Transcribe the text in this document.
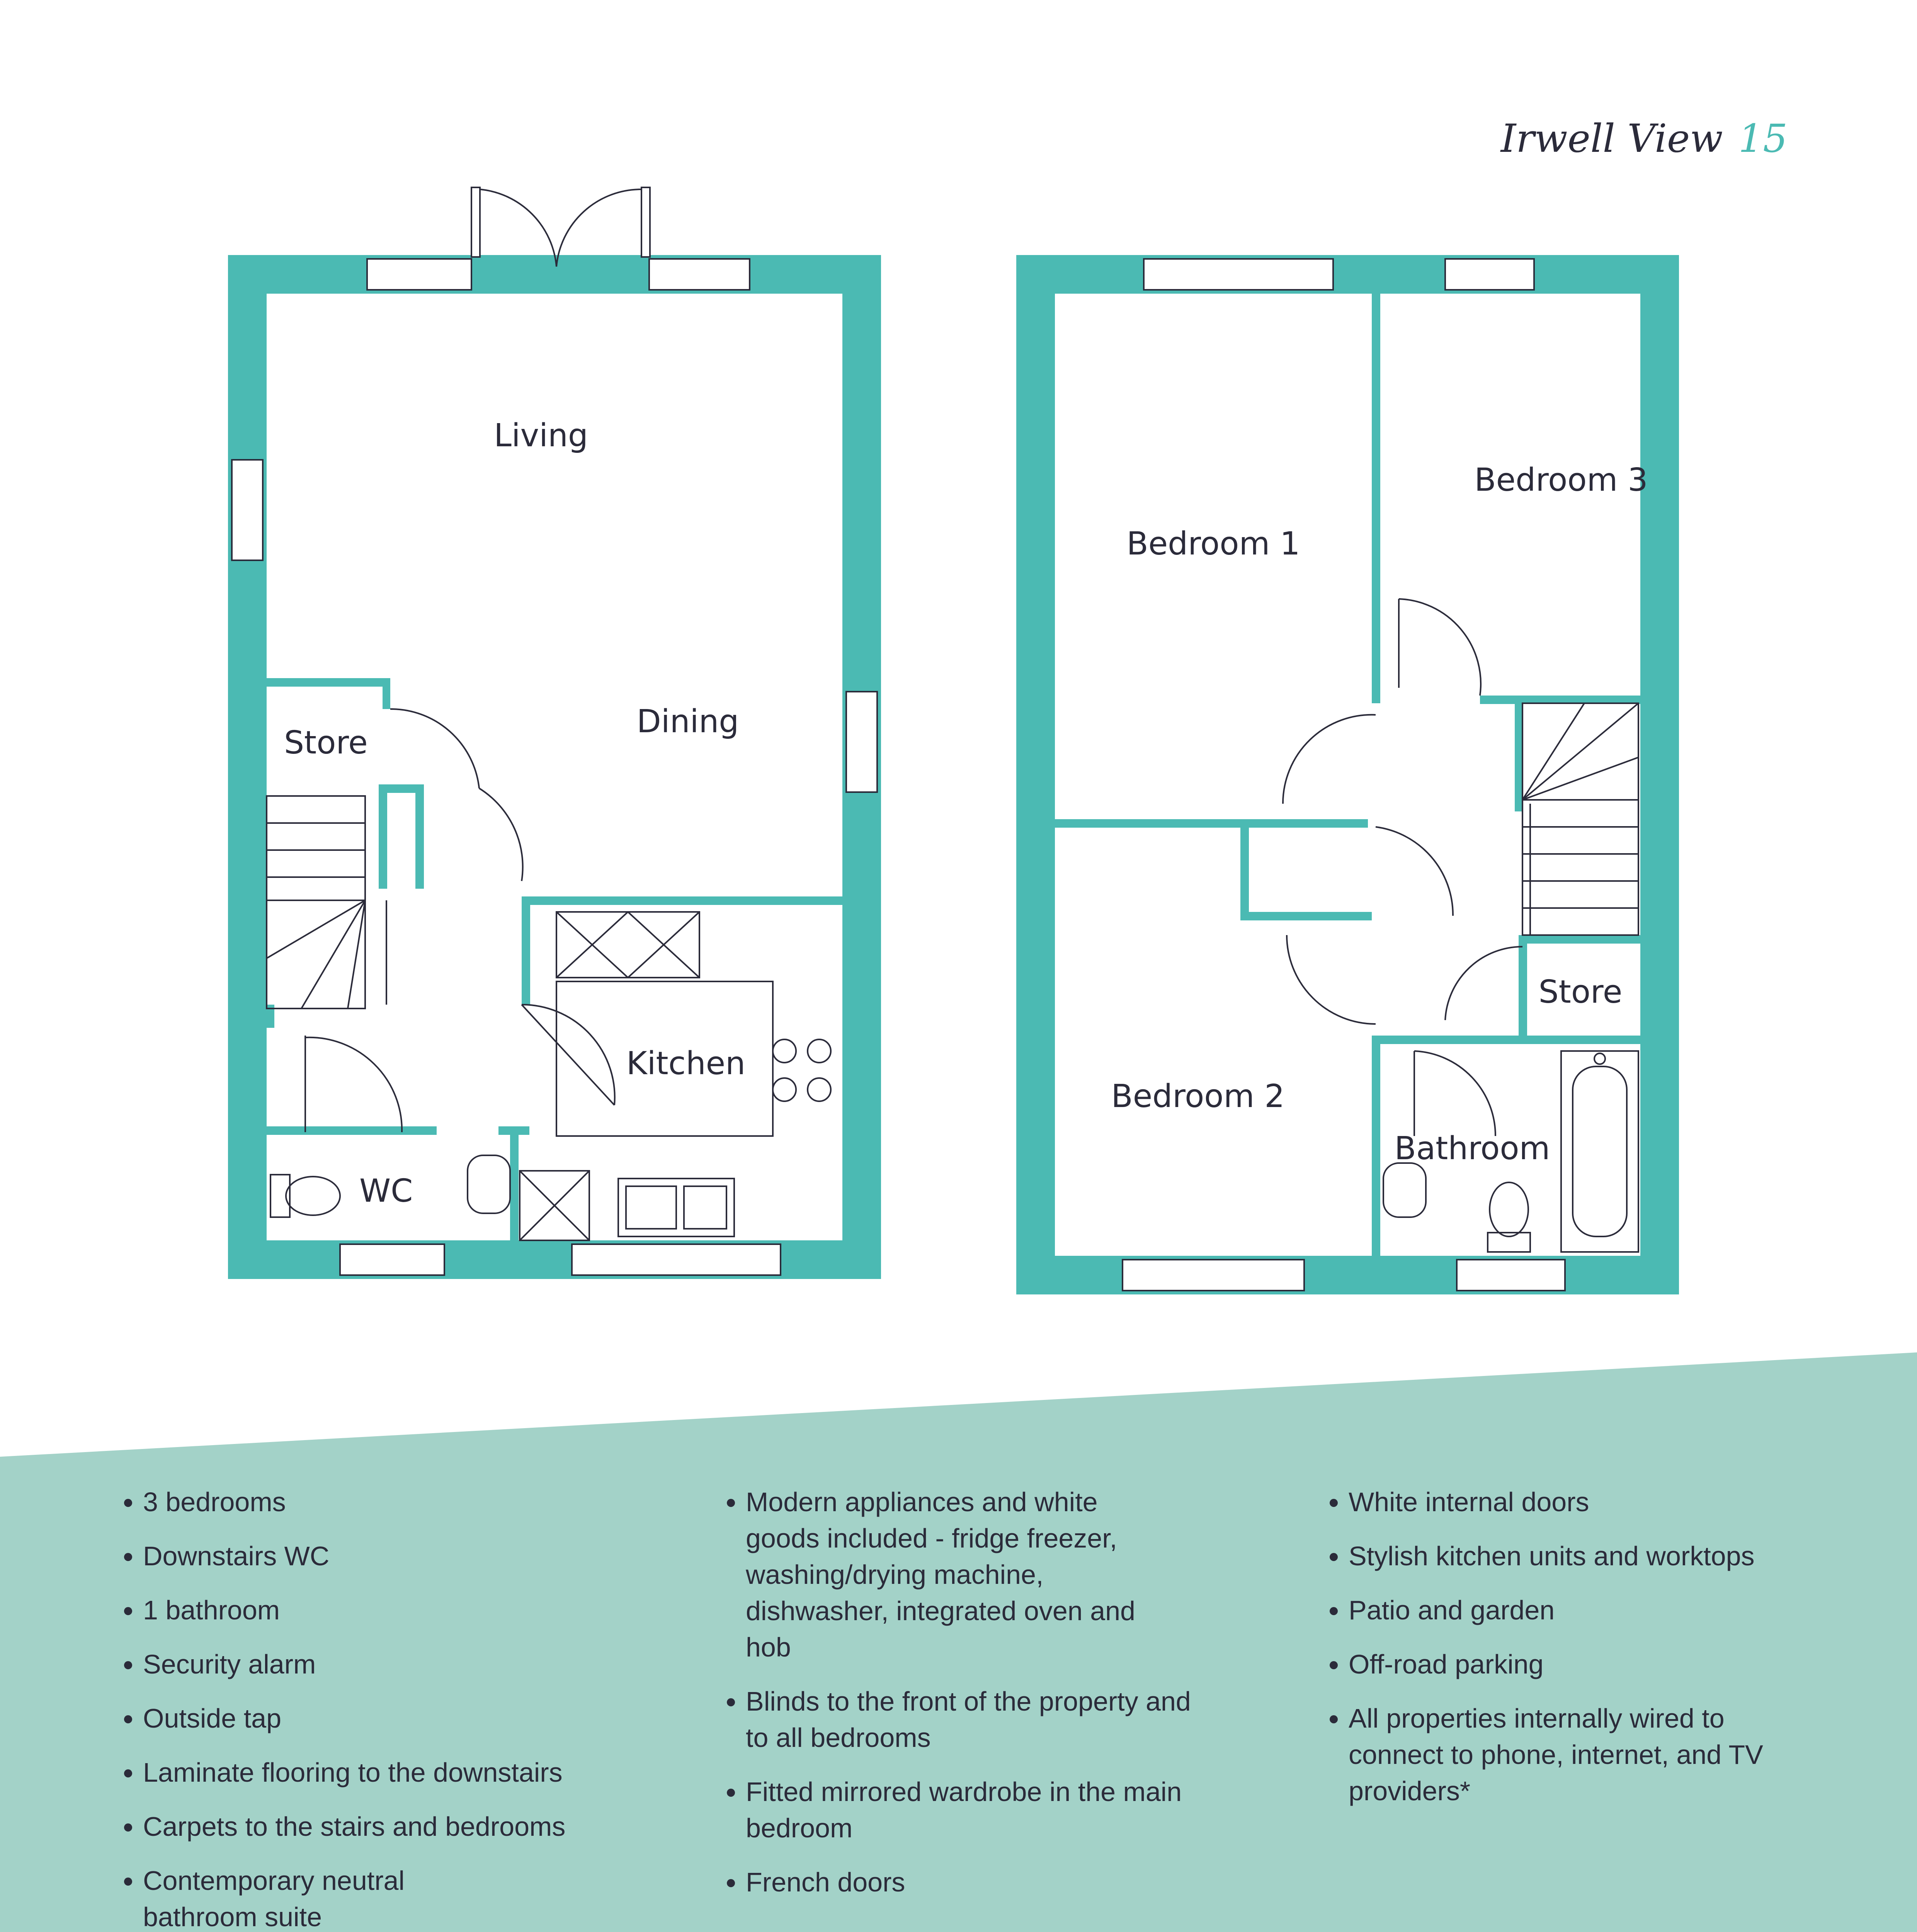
Irwell View 15
Living
Dining
Store
Kitchen
WC
Bedroom 1
Bedroom 3
Bedroom 2
Store
Bathroom
• 3 bedrooms
• Downstairs WC
• 1 bathroom
• Security alarm
• Outside tap
• Laminate flooring to the downstairs
• Carpets to the stairs and bedrooms
• Contemporary neutral bathroom suite
• Modern appliances and white goods included - fridge freezer, washing/drying machine, dishwasher, integrated oven and hob
• Blinds to the front of the property and to all bedrooms
• Fitted mirrored wardrobe in the main bedroom
• French doors
• White internal doors
• Stylish kitchen units and worktops
• Patio and garden
• Off-road parking
• All properties internally wired to connect to phone, internet, and TV providers*
